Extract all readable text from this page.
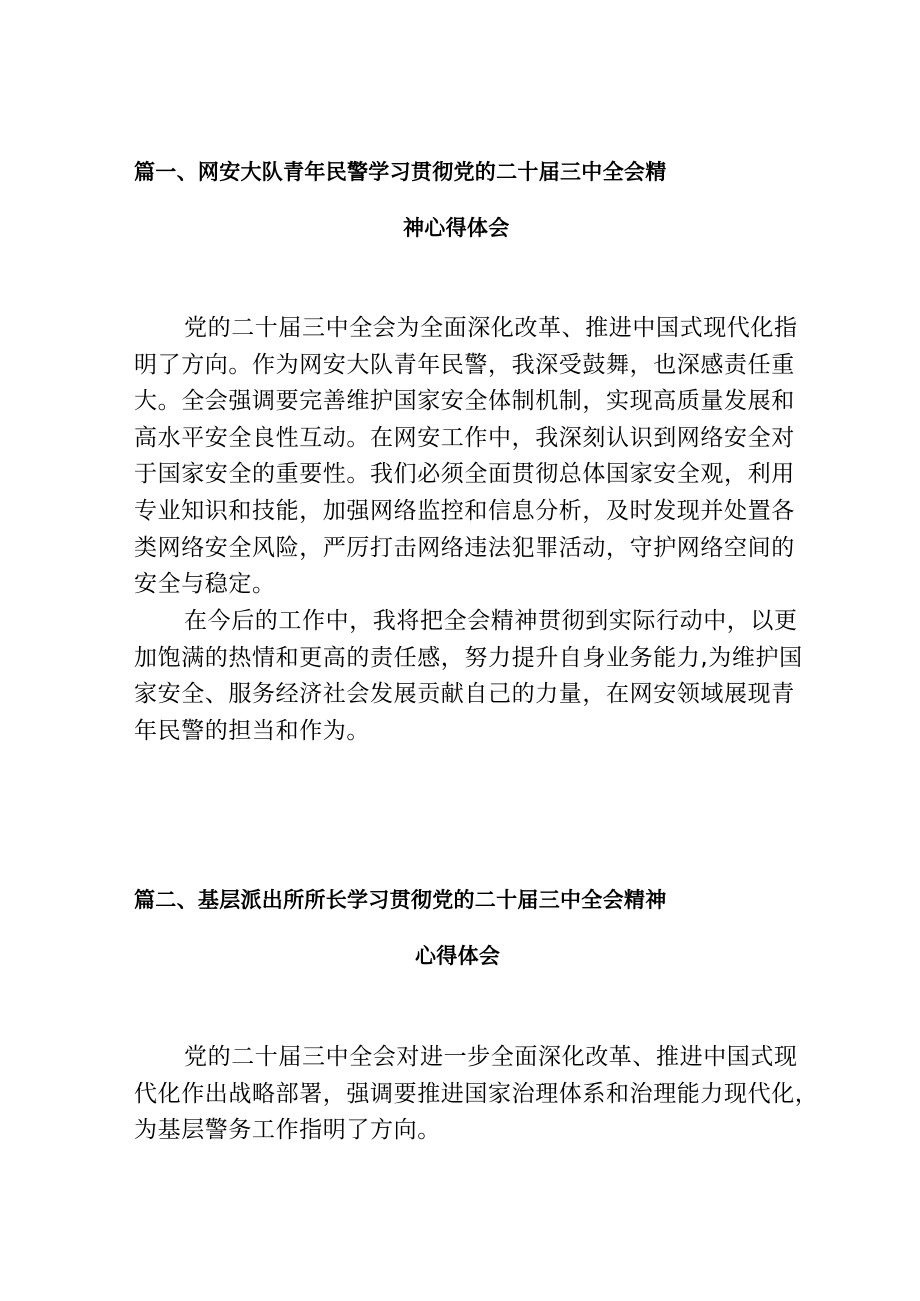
篇一、网安大队青年民警学习贯彻党的二十届三中全会精
神心得体会
党的二十届三中全会为全面深化改革、推进中国式现代化指
明了方向。作为网安大队青年民警，我深受鼓舞，也深感责任重
大。全会强调要完善维护国家安全体制机制，实现高质量发展和
高水平安全良性互动。在网安工作中，我深刻认识到网络安全对
于国家安全的重要性。我们必须全面贯彻总体国家安全观，利用
专业知识和技能，加强网络监控和信息分析，及时发现并处置各
类网络安全风险，严厉打击网络违法犯罪活动，守护网络空间的
安全与稳定。
在今后的工作中，我将把全会精神贯彻到实际行动中，以更
加饱满的热情和更高的责任感，努力提升自身业务能力,为维护国
家安全、服务经济社会发展贡献自己的力量，在网安领域展现青
年民警的担当和作为。
篇二、基层派出所所长学习贯彻党的二十届三中全会精神
心得体会
党的二十届三中全会对进一步全面深化改革、推进中国式现
代化作出战略部署，强调要推进国家治理体系和治理能力现代化，
为基层警务工作指明了方向。
